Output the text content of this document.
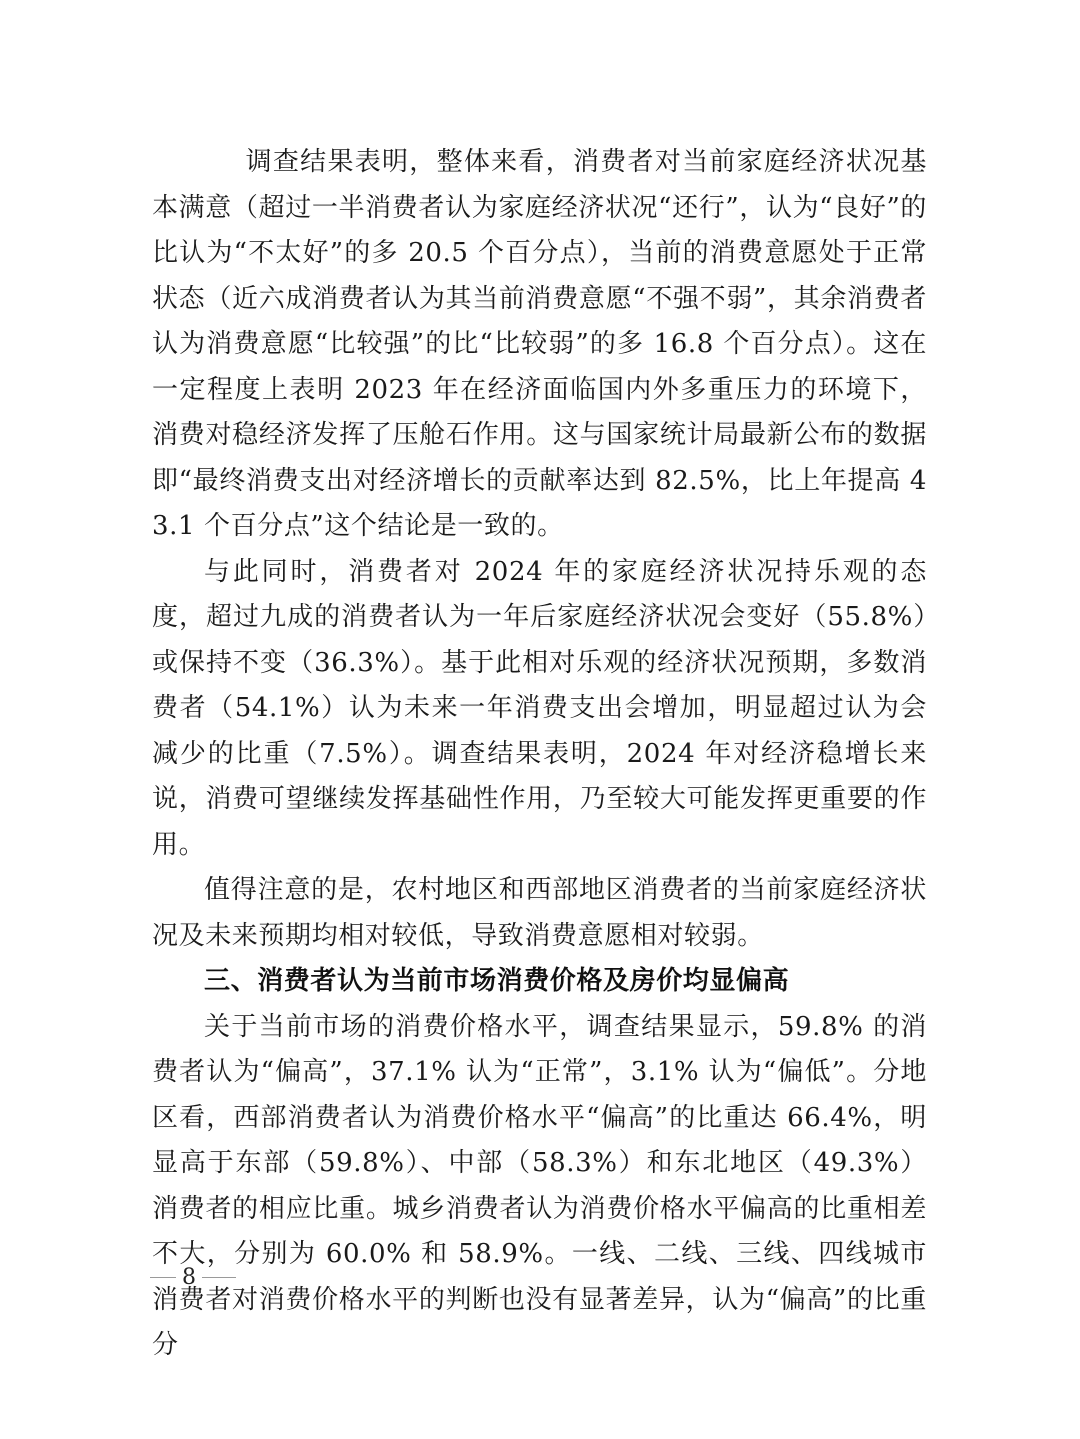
调查结果表明，整体来看，消费者对当前家庭经济状况基本满意（超过一半消费者认为家庭经济状况“还行”，认为“良好”的比认为“不太好”的多 20.5 个百分点），当前的消费意愿处于正常状态（近六成消费者认为其当前消费意愿“不强不弱”，其余消费者认为消费意愿“比较强”的比“比较弱”的多 16.8 个百分点）。这在一定程度上表明 2023 年在经济面临国内外多重压力的环境下，消费对稳经济发挥了压舱石作用。这与国家统计局最新公布的数据即“最终消费支出对经济增长的贡献率达到 82.5%，比上年提高 43.1 个百分点”这个结论是一致的。

与此同时，消费者对 2024 年的家庭经济状况持乐观的态度，超过九成的消费者认为一年后家庭经济状况会变好（55.8%）或保持不变（36.3%）。基于此相对乐观的经济状况预期，多数消费者（54.1%）认为未来一年消费支出会增加，明显超过认为会减少的比重（7.5%）。调查结果表明，2024 年对经济稳增长来说，消费可望继续发挥基础性作用，乃至较大可能发挥更重要的作用。

值得注意的是，农村地区和西部地区消费者的当前家庭经济状况及未来预期均相对较低，导致消费意愿相对较弱。

三、消费者认为当前市场消费价格及房价均显偏高

关于当前市场的消费价格水平，调查结果显示，59.8% 的消费者认为“偏高”，37.1% 认为“正常”，3.1% 认为“偏低”。分地区看，西部消费者认为消费价格水平“偏高”的比重达 66.4%，明显高于东部（59.8%）、中部（58.3%）和东北地区（49.3%）消费者的相应比重。城乡消费者认为消费价格水平偏高的比重相差不大，分别为 60.0% 和 58.9%。一线、二线、三线、四线城市消费者对消费价格水平的判断也没有显著差异，认为“偏高”的比重分

8
